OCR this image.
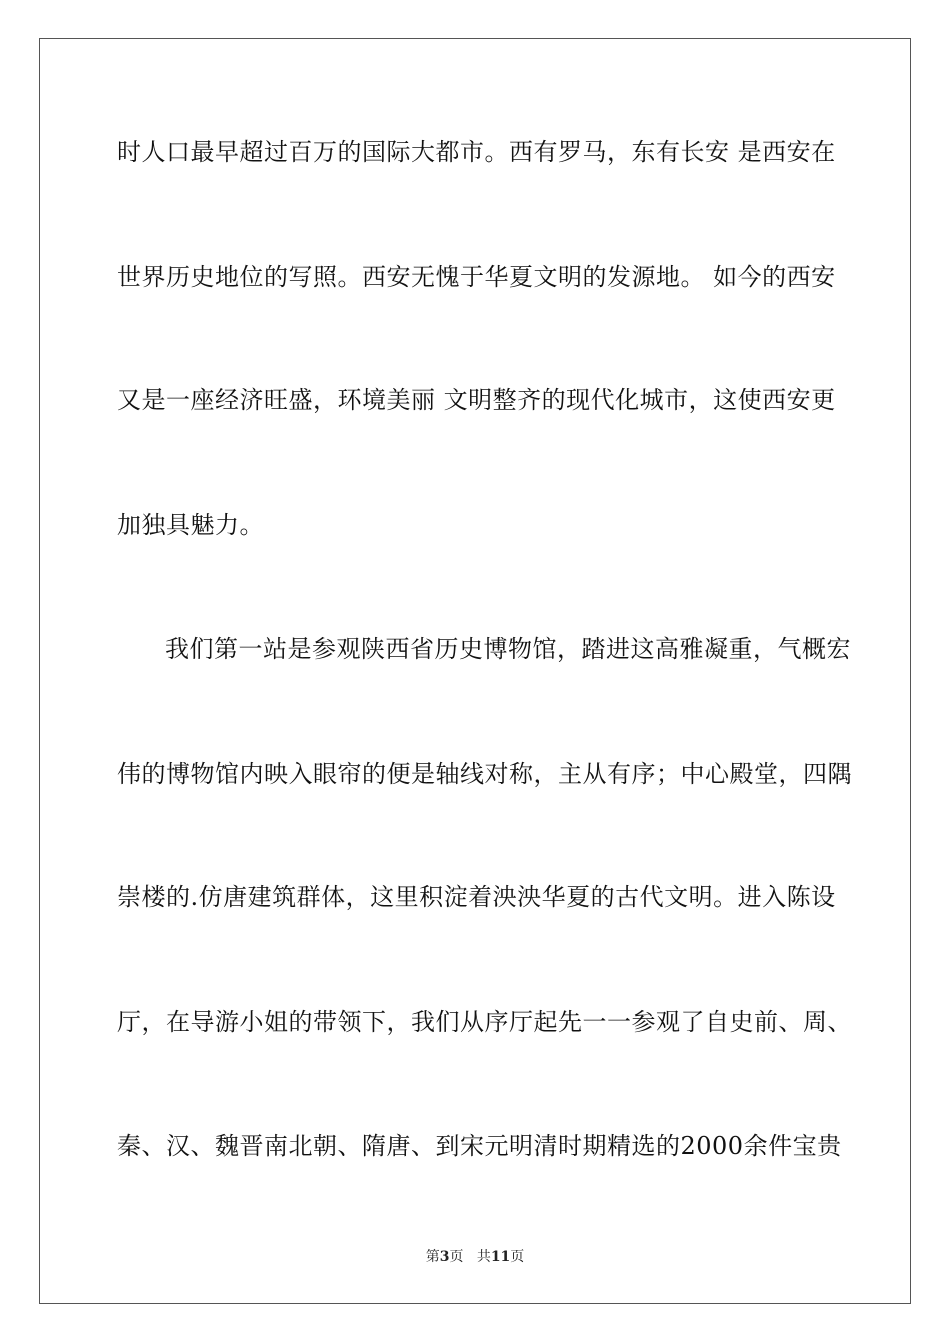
时人口最早超过百万的国际大都市。西有罗马，东有长安 是西安在
世界历史地位的写照。西安无愧于华夏文明的发源地。 如今的西安
又是一座经济旺盛，环境美丽 文明整齐的现代化城市，这使西安更
加独具魅力。
我们第一站是参观陕西省历史博物馆，踏进这高雅凝重，气概宏
伟的博物馆内映入眼帘的便是轴线对称，主从有序；中心殿堂，四隅
崇楼的.仿唐建筑群体，这里积淀着泱泱华夏的古代文明。进入陈设
厅，在导游小姐的带领下，我们从序厅起先一一参观了自史前、周、
秦、汉、魏晋南北朝、隋唐、到宋元明清时期精选的2000余件宝贵
第3页 共11页
